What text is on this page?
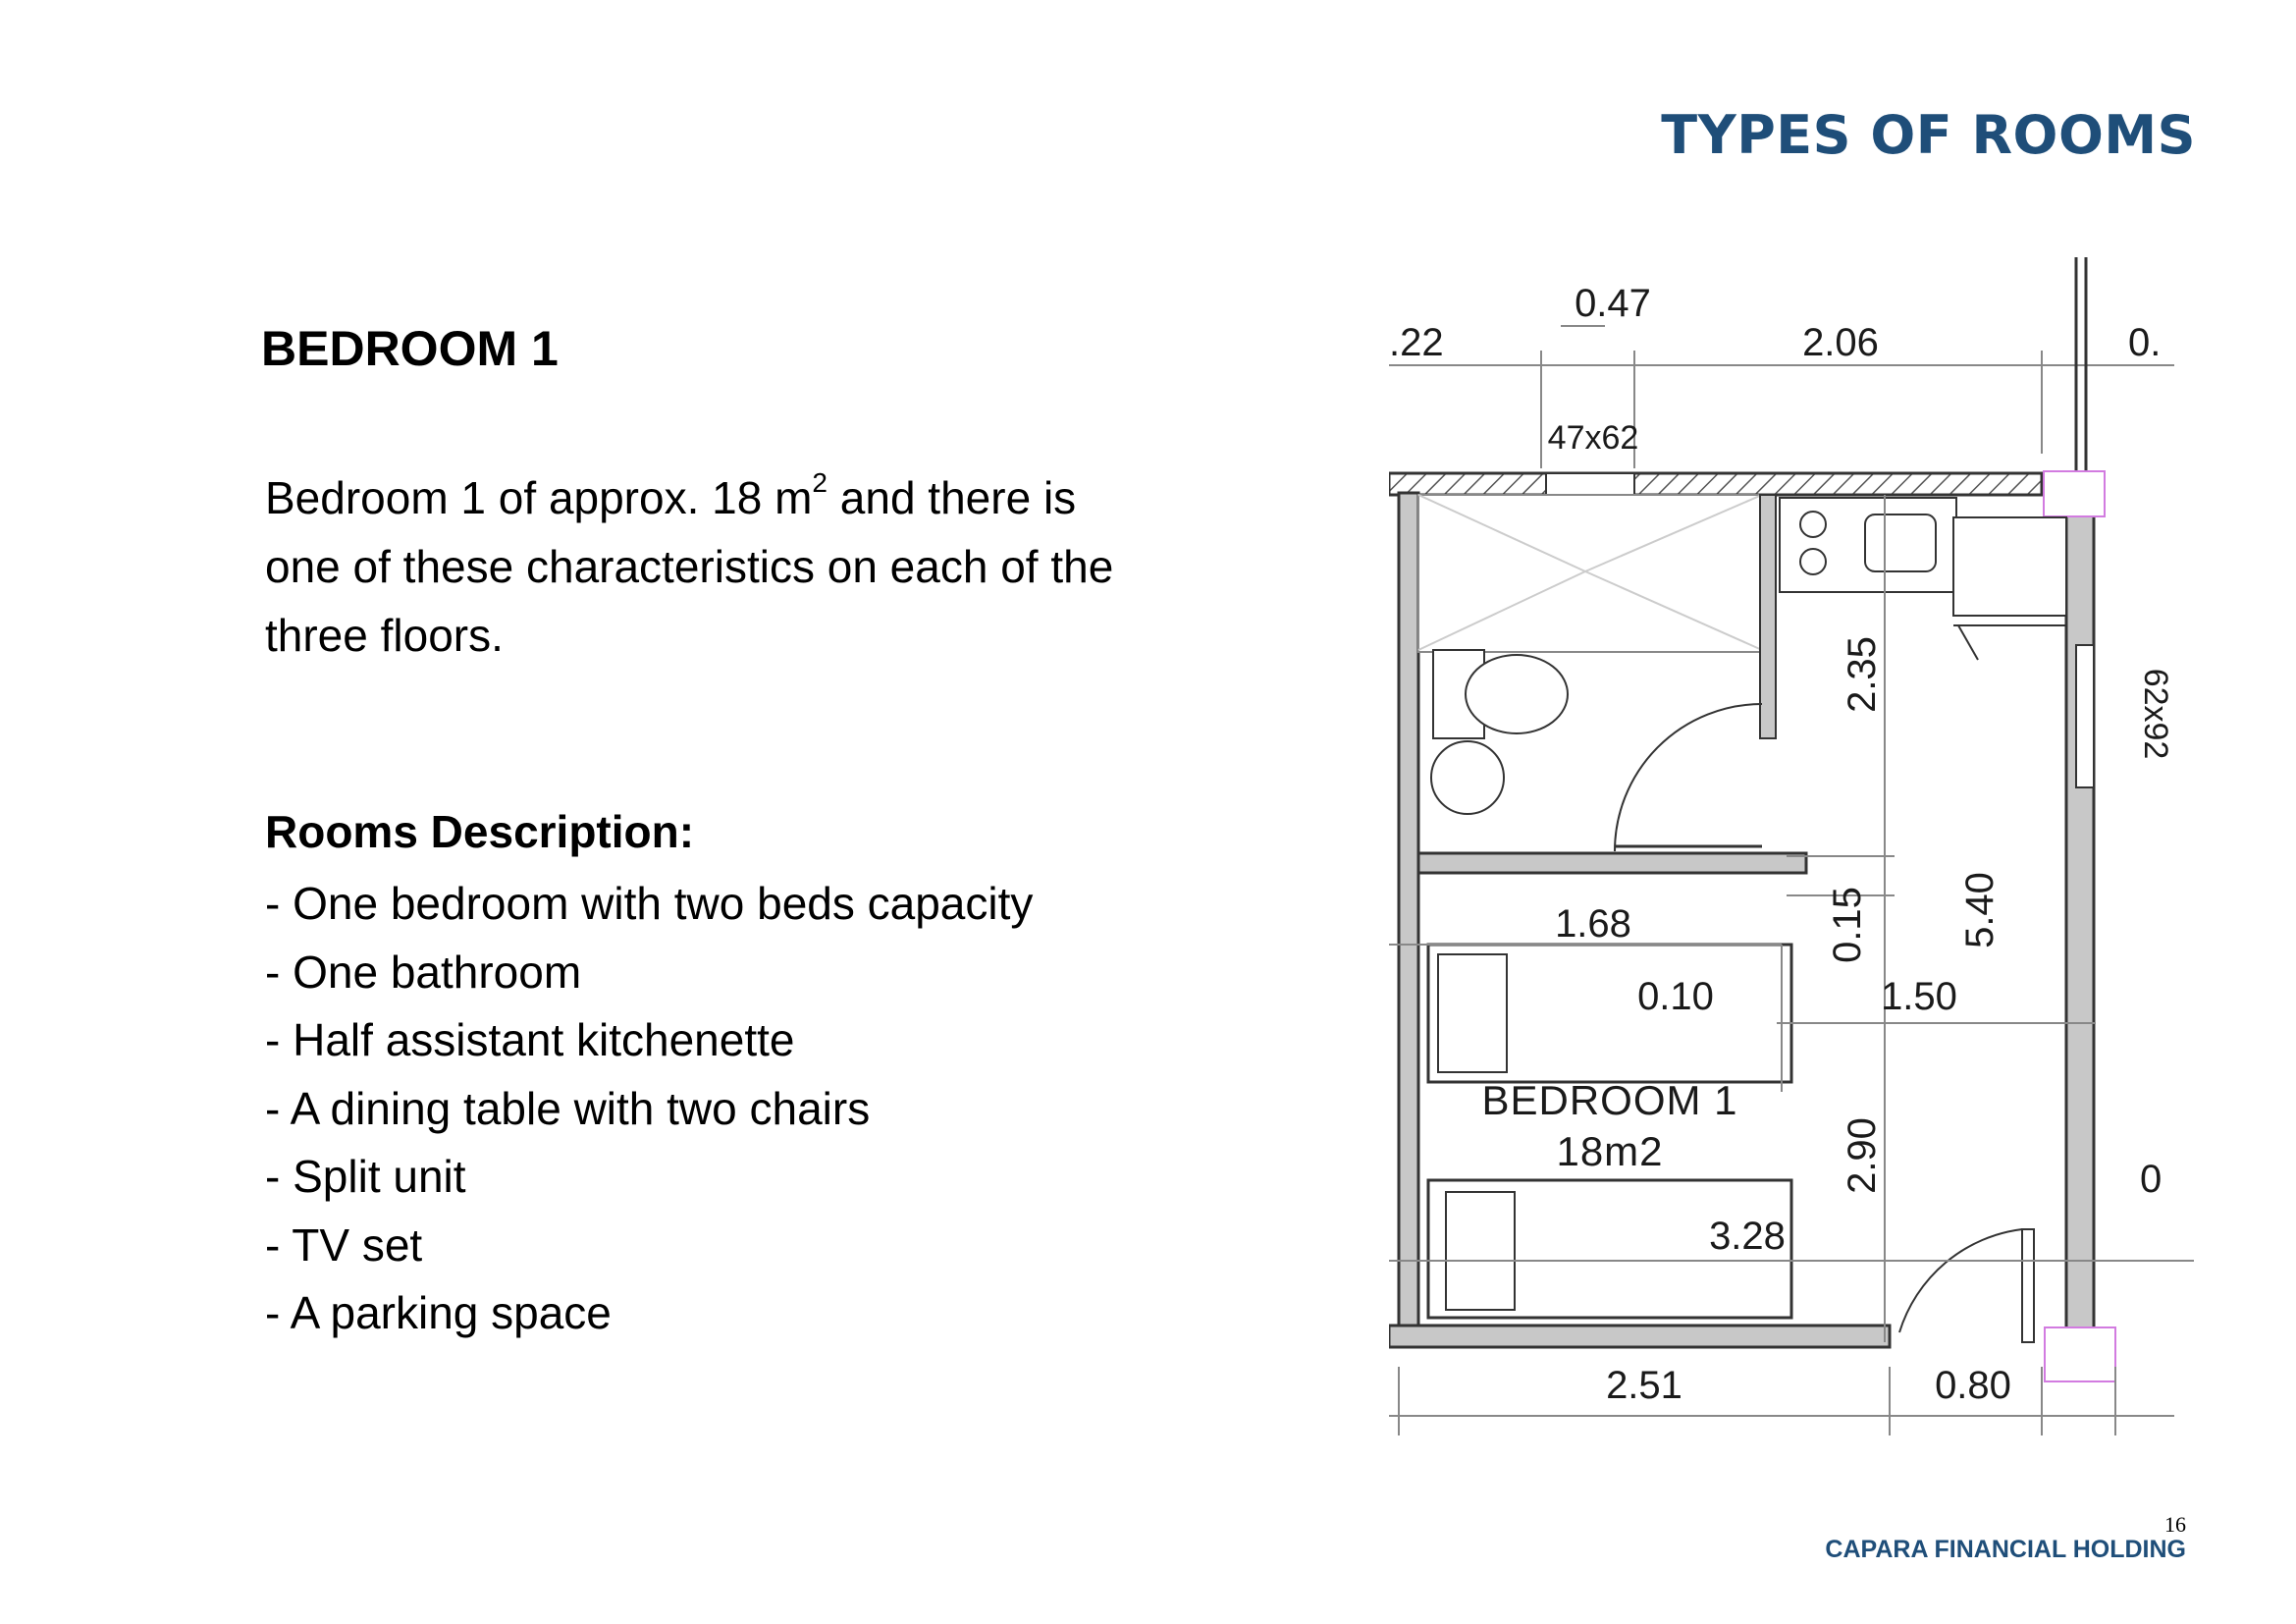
TYPES OF ROOMS
BEDROOM 1

Bedroom 1 of approx. 18 $m^2$ and there is one of these characteristics on each of the three floors.

Rooms Description:
- One bedroom with two beds capacity
- One bathroom
- Half assistant kitchenette
- A dining table with two chairs
- Split unit
- TV set
- A parking space
.22
0.47
2.06	0.
47x62
62x92
2.35
5.40
0.15
1.68
0.10	1.50
BEDROOM 1
18m2	2.90
3.28
0
2.51	0.80
16
CAPARA FINANCIAL HOLDING
